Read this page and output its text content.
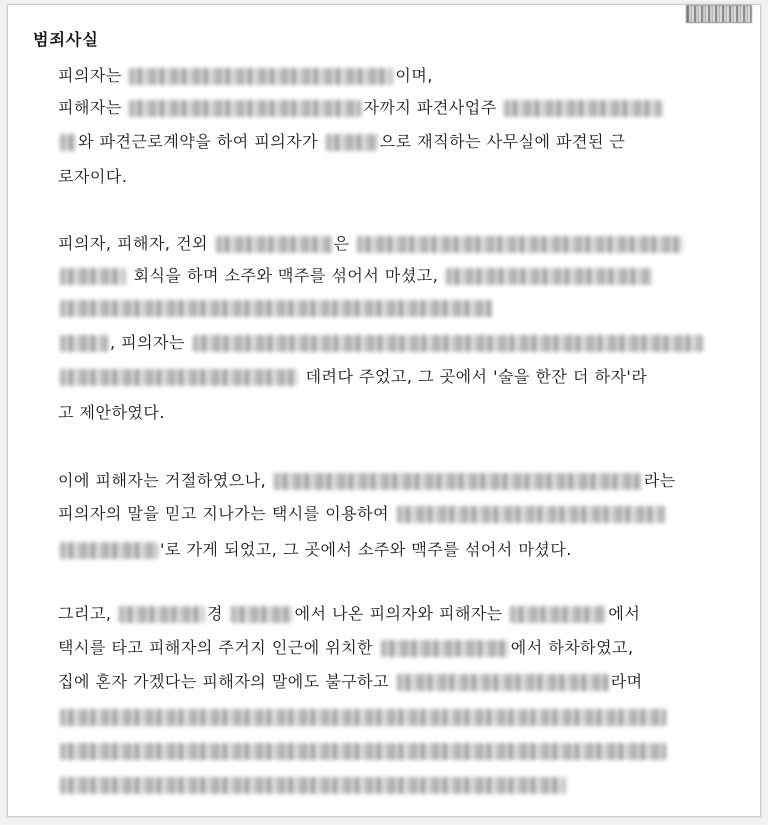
범죄사실
피의자는	이며,
피해자는	자까지 파견사업주
와 파견근로계약을 하여 피의자가	으로 재직하는 사무실에 파견된 근
로자이다.
피의자, 피해자, 건외	은
회식을 하며 소주와 맥주를 섞어서 마셨고,
, 피의자는
데려다 주었고, 그 곳에서 '술을 한잔 더 하자'라
고 제안하였다.
이에 피해자는 거절하였으나,	라는
피의자의 말을 믿고 지나가는 택시를 이용하여
'로 가게 되었고, 그 곳에서 소주와 맥주를 섞어서 마셨다.
그리고,	경	에서 나온 피의자와 피해자는	에서
택시를 타고 피해자의 주거지 인근에 위치한	에서 하차하였고,
집에 혼자 가겠다는 피해자의 말에도 불구하고	라며
